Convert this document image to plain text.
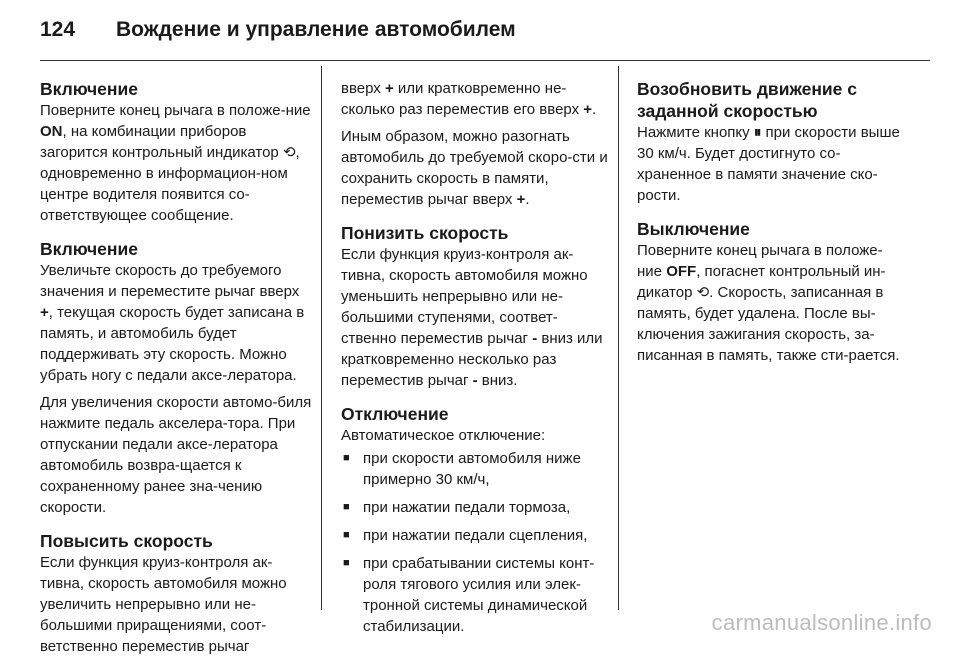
124	Вождение и управление автомобилем
Включение

Поверните конец рычага в положе-ние ON, на комбинации приборов загорится контрольный индикатор ⟲, одновременно в информацион-ном центре водителя появится со-ответствующее сообщение.

Включение

Увеличьте скорость до требуемого значения и переместите рычаг вверх +, текущая скорость будет записана в память, и автомобиль будет поддерживать эту скорость. Можно убрать ногу с педали аксе-лератора.

Для увеличения скорости автомо-биля нажмите педаль акселера-тора. При отпускании педали аксе-лератора автомобиль возвра-щается к сохраненному ранее зна-чению скорости.

Повысить скорость

Если функция круиз-контроля ак-тивна, скорость автомобиля можно увеличить непрерывно или не-большими приращениями, соот-ветственно переместив рычаг

вверх + или кратковременно не-сколько раз переместив его вверх +.

Иным образом, можно разогнать автомобиль до требуемой скоро-сти и сохранить скорость в памяти, переместив рычаг вверх +.

Понизить скорость

Если функция круиз-контроля ак-тивна, скорость автомобиля можно уменьшить непрерывно или не-большими ступенями, соответ-ственно переместив рычаг - вниз или кратковременно несколько раз переместив рычаг - вниз.

Отключение

Автоматическое отключение:

■ при скорости автомобиля ниже примерно 30 км/ч,
■ при нажатии педали тормоза,
■ при нажатии педали сцепления,
■ при срабатывании системы конт-роля тягового усилия или элек-тронной системы динамической стабилизации.
Возобновить движение с заданной скоростью

Нажмите кнопку ⏸ при скорости выше 30 км/ч. Будет достигнуто со-храненное в памяти значение ско-рости.

Выключение

Поверните конец рычага в положе-ние OFF, погаснет контрольный ин-дикатор ⟲. Скорость, записанная в память, будет удалена. После вы-ключения зажигания скорость, за-писанная в память, также сти-рается.

carmanualsonline.info
